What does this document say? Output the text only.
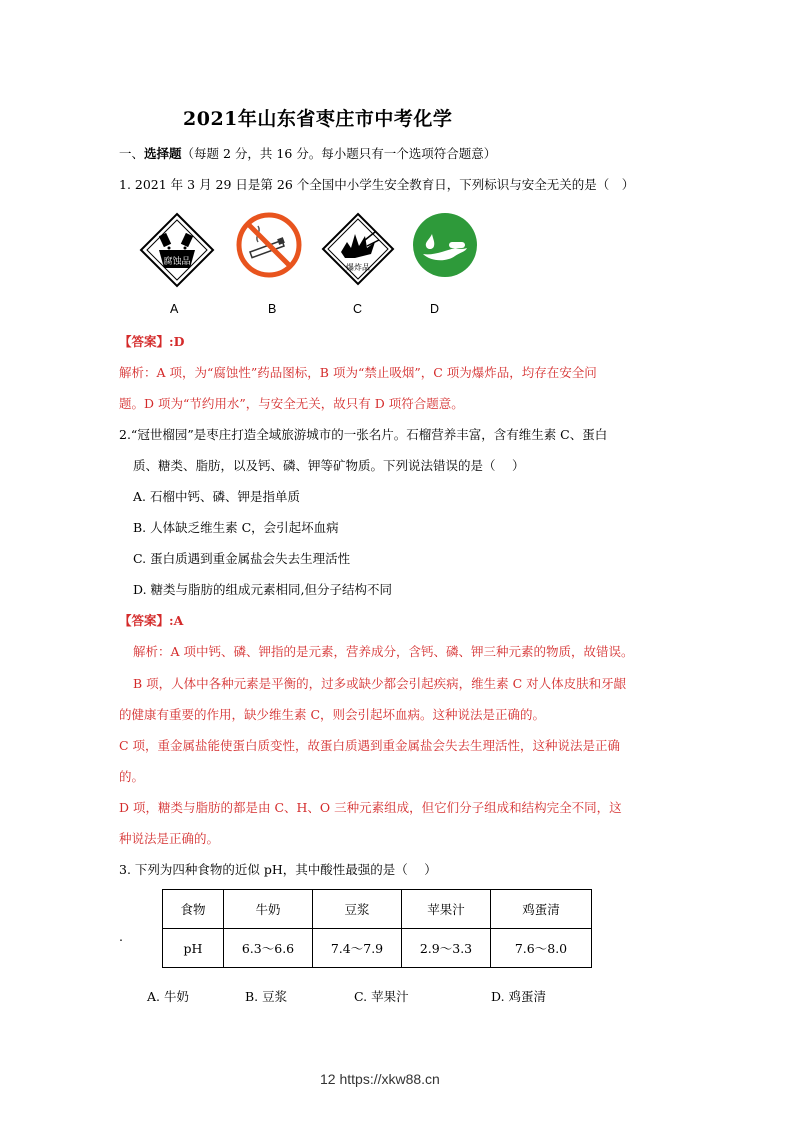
2021年山东省枣庄市中考化学
一、选择题（每题 2 分，共 16 分。每小题只有一个选项符合题意）
1. 2021 年 3 月 29 日是第 26 个全国中小学生安全教育日，下列标识与安全无关的是（　）
腐蚀品
爆炸品
A	B	C	D
【答案】:D
解析：A 项，为“腐蚀性”药品图标，B 项为“禁止吸烟”，C 项为爆炸品，均存在安全问
题。D 项为“节约用水”，与安全无关，故只有 D 项符合题意。
2.“冠世榴园”是枣庄打造全域旅游城市的一张名片。石榴营养丰富，含有维生素 C、蛋白
质、糖类、脂肪，以及钙、磷、钾等矿物质。下列说法错误的是（　 ）
A. 石榴中钙、磷、钾是指单质
B. 人体缺乏维生素 C，会引起坏血病
C. 蛋白质遇到重金属盐会失去生理活性
D. 糖类与脂肪的组成元素相同,但分子结构不同
【答案】:A
解析：A 项中钙、磷、钾指的是元素，营养成分，含钙、磷、钾三种元素的物质，故错误。
B 项，人体中各种元素是平衡的，过多或缺少都会引起疾病，维生素 C 对人体皮肤和牙龈
的健康有重要的作用，缺少维生素 C，则会引起坏血病。这种说法是正确的。
C 项，重金属盐能使蛋白质变性，故蛋白质遇到重金属盐会失去生理活性，这种说法是正确
的。
D 项，糖类与脂肪的都是由 C、H、O 三种元素组成，但它们分子组成和结构完全不同，这
种说法是正确的。
3. 下列为四种食物的近似 pH，其中酸性最强的是（　 ）
.
食物	牛奶	豆浆	苹果汁	鸡蛋清
pH	6.3～6.6	7.4～7.9	2.9～3.3	7.6～8.0
A. 牛奶	B. 豆浆	C. 苹果汁	D. 鸡蛋清
12 https://xkw88.cn
